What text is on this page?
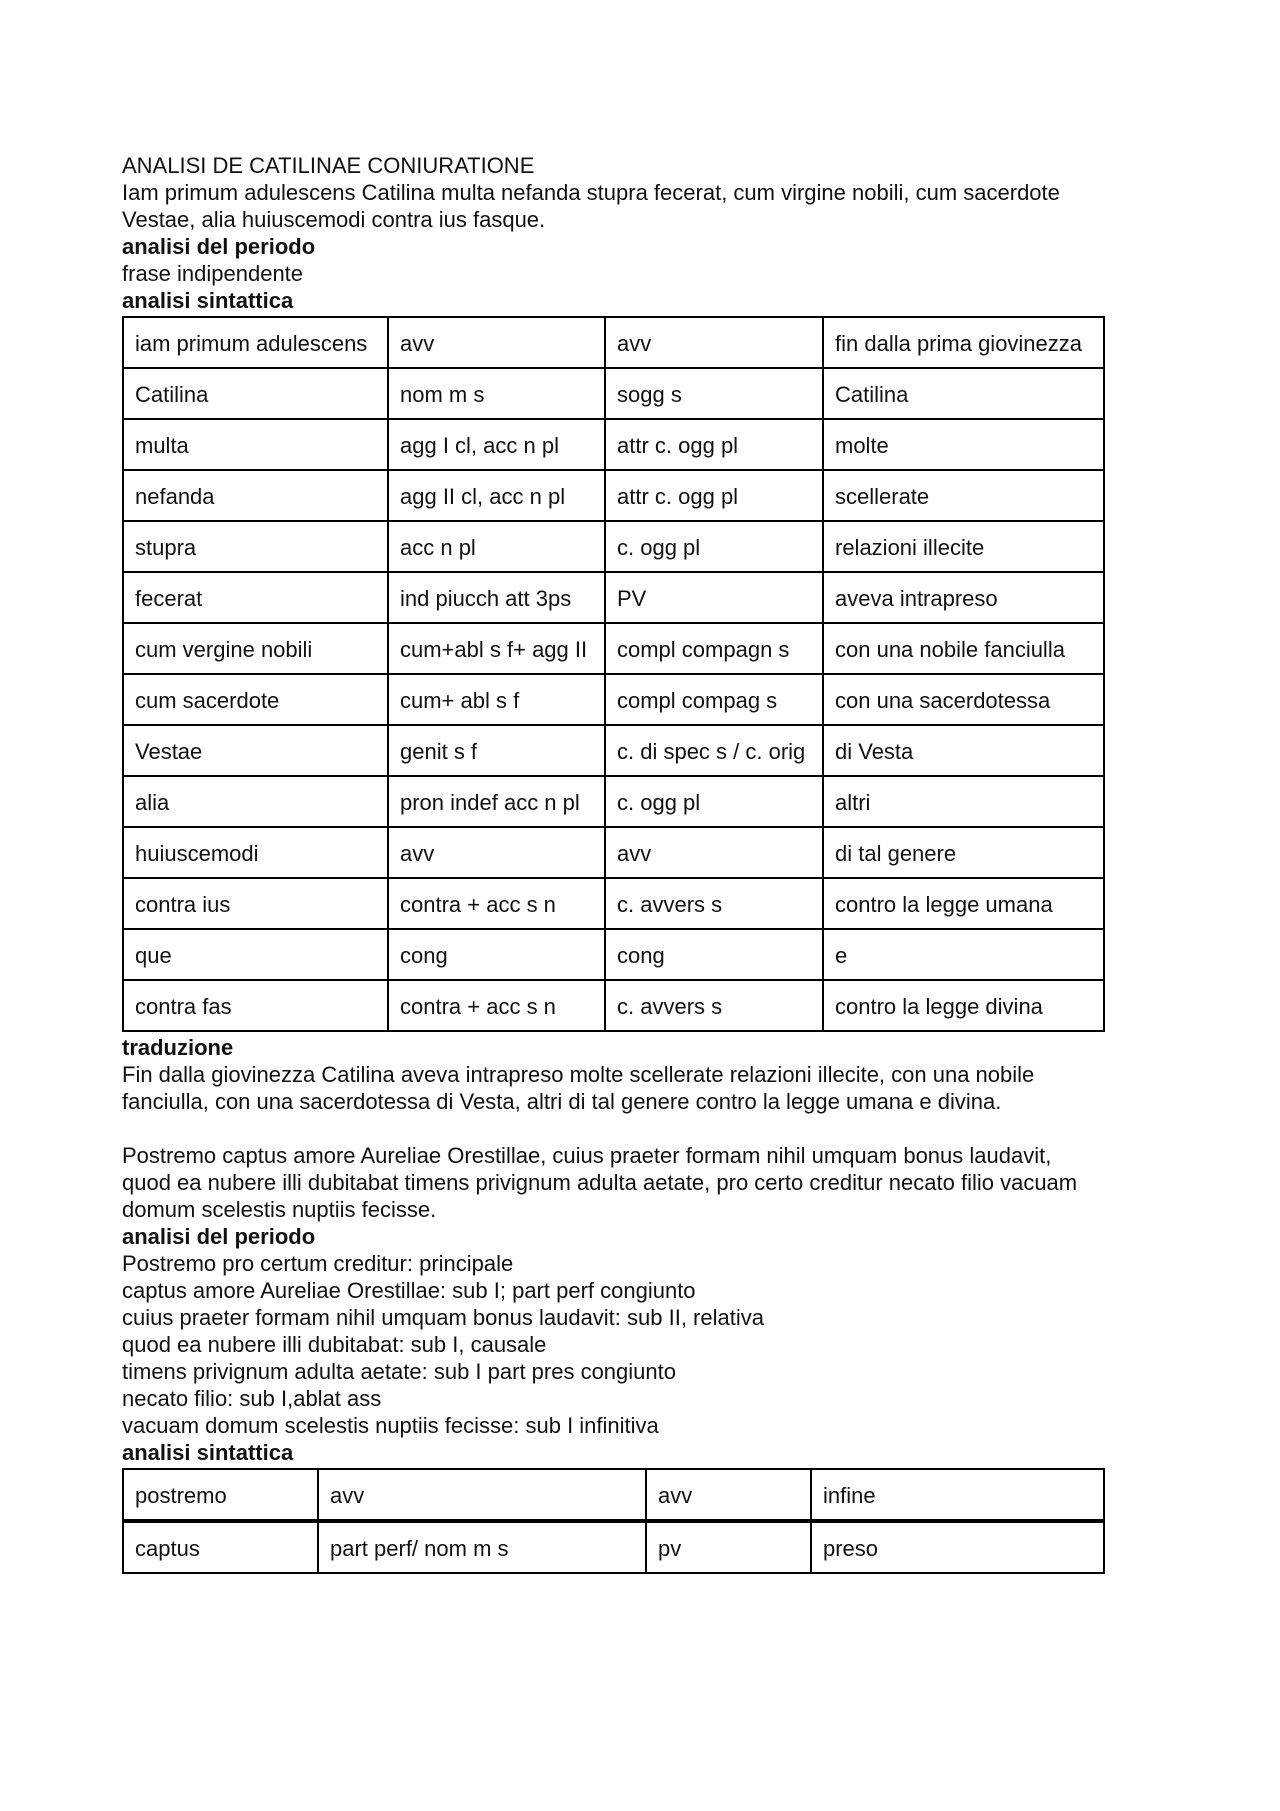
ANALISI DE CATILINAE CONIURATIONE

Iam primum adulescens Catilina multa nefanda stupra fecerat, cum virgine nobili, cum sacerdote

Vestae, alia huiuscemodi contra ius fasque.

analisi del periodo

frase indipendente

analisi sintattica

iam primum adulescens	avv	avv	fin dalla prima giovinezza
Catilina	nom m s	sogg s	Catilina
multa	agg I cl, acc n pl	attr c. ogg pl	molte
nefanda	agg II cl, acc n pl	attr c. ogg pl	scellerate
stupra	acc n pl	c. ogg pl	relazioni illecite
fecerat	ind piucch att 3ps	PV	aveva intrapreso
cum vergine nobili	cum+abl s f+ agg II	compl compagn s	con una nobile fanciulla
cum sacerdote	cum+ abl s f	compl compag s	con una sacerdotessa
Vestae	genit s f	c. di spec s / c. orig	di Vesta
alia	pron indef acc n pl	c. ogg pl	altri
huiuscemodi	avv	avv	di tal genere
contra ius	contra + acc s n	c. avvers s	contro la legge umana
que	cong	cong	e
contra fas	contra + acc s n	c. avvers s	contro la legge divina

traduzione

Fin dalla giovinezza Catilina aveva intrapreso molte scellerate relazioni illecite, con una nobile

fanciulla, con una sacerdotessa di Vesta, altri di tal genere contro la legge umana e divina.

Postremo captus amore Aureliae Orestillae, cuius praeter formam nihil umquam bonus laudavit,

quod ea nubere illi dubitabat timens privignum adulta aetate, pro certo creditur necato filio vacuam

domum scelestis nuptiis fecisse.

analisi del periodo

Postremo pro certum creditur: principale

captus amore Aureliae Orestillae: sub I; part perf congiunto

cuius praeter formam nihil umquam bonus laudavit: sub II, relativa

quod ea nubere illi dubitabat: sub I, causale

timens privignum adulta aetate: sub I part pres congiunto

necato filio: sub I,ablat ass

vacuam domum scelestis nuptiis fecisse: sub I infinitiva

analisi sintattica

postremo	avv	avv	infine
captus	part perf/ nom m s	pv	preso
